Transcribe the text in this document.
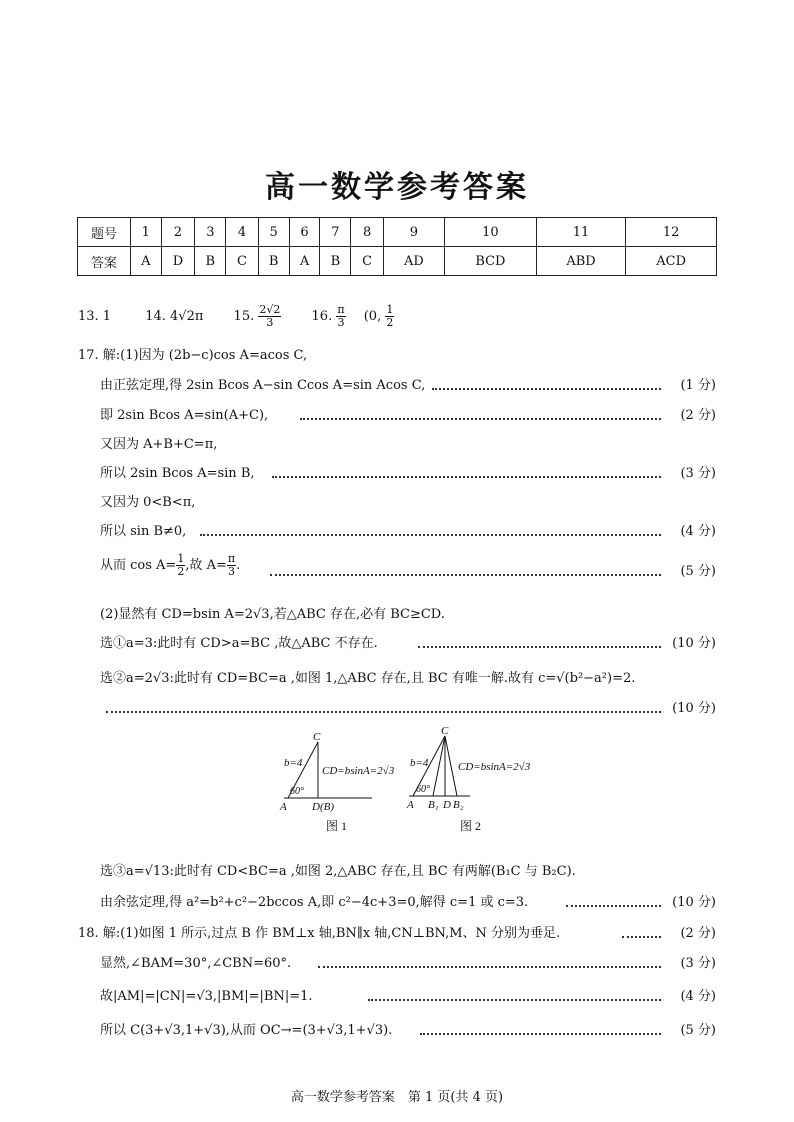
高一数学参考答案
题号	1	2	3	4	5	6	7	8	9	10	11	12
答案	A	D	B	C	B	A	B	C	AD	BCD	ABD	ACD
13. 1	14. 4√2π 15. $\frac{2√2}{3} 16$. $\frac{\pi}{3} (0$, $\frac{1}{2}$
17. 解:(1)因为 (2b−c)cos A=acos C,
由正弦定理,得 2sin Bcos A−sin Ccos A=sin Acos C,	(1 分)
即 2sin Bcos A=sin(A+C),	(2 分)
又因为 A+B+C=π,
所以 2sin Bcos A=sin B,	(3 分)
又因为 0<B<π,
所以 sin B≠0,	(4 分)
从而 $\cos A= \frac{1}{2}$ ,故 $A= \frac{\pi}{3}$ .	(5 分)
(2)显然有 CD=bsin A=2√3,若△ABC 存在,必有 BC≥CD.
选①a=3:此时有 CD>a=BC ,故△ABC 不存在.	(10 分)
选②a=2√3:此时有 CD=BC=a ,如图 1,△ABC 存在,且 BC 有唯一解.故有 c=√(b²−a²)=2.
(10 分)
C
b=4
CD=bsinA=2√3
60°
A D(B)
C
b=4	CD=bsinA=2√3
60°
A B₁ D B₂
图 1	图 2
选③a=√13:此时有 CD<BC=a ,如图 2,△ABC 存在,且 BC 有两解(B₁C 与 B₂C).
由余弦定理,得 a²=b²+c²−2bccos A,即 c²−4c+3=0,解得 c=1 或 c=3.	(10 分)
18. 解:(1)如图 1 所示,过点 B 作 BM⊥x 轴,BN∥x 轴,CN⊥BN,M、N 分别为垂足.	(2 分)
显然,∠BAM=30°,∠CBN=60°.	(3 分)
故|AM|=|CN|=√3,|BM|=|BN|=1.	(4 分)
所以 C(3+√3,1+√3),从而 OC→=(3+√3,1+√3).	(5 分)
高一数学参考答案　第 1 页(共 4 页)
